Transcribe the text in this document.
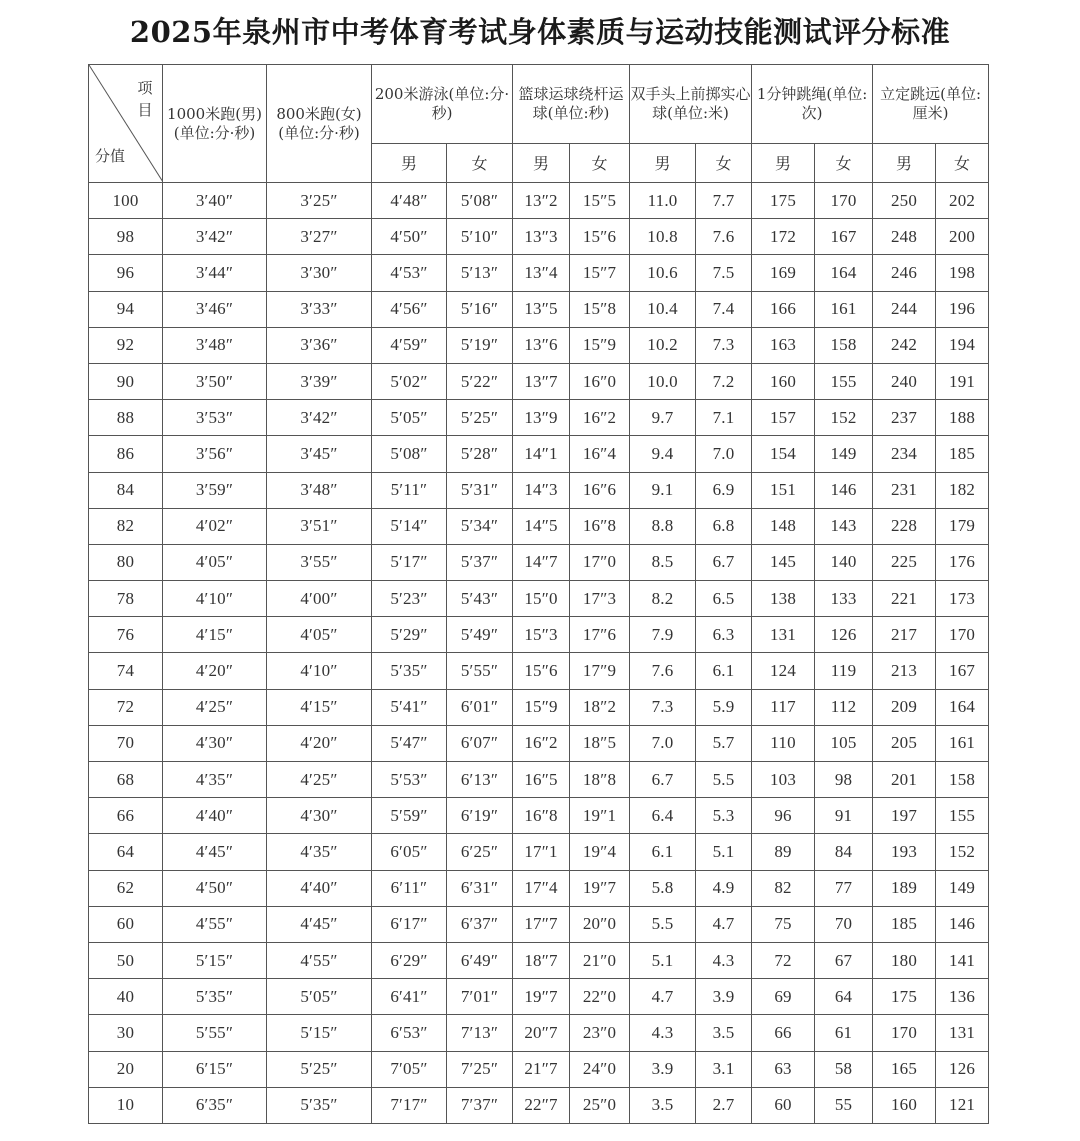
2025年泉州市中考体育考试身体素质与运动技能测试评分标准
项目
分值	1000米跑(男)(单位:分·秒)	800米跑(女)(单位:分·秒)	200米游泳(单位:分·秒)		篮球运球绕杆运球(单位:秒)		双手头上前掷实心球(单位:米)		1分钟跳绳(单位:次)		立定跳远(单位:厘米)	
			男	女	男	女	男	女	男	女	男	女
100	3′40″	3′25″	4′48″	5′08″	13″2	15″5	11.0	7.7	175	170	250	202
98	3′42″	3′27″	4′50″	5′10″	13″3	15″6	10.8	7.6	172	167	248	200
96	3′44″	3′30″	4′53″	5′13″	13″4	15″7	10.6	7.5	169	164	246	198
94	3′46″	3′33″	4′56″	5′16″	13″5	15″8	10.4	7.4	166	161	244	196
92	3′48″	3′36″	4′59″	5′19″	13″6	15″9	10.2	7.3	163	158	242	194
90	3′50″	3′39″	5′02″	5′22″	13″7	16″0	10.0	7.2	160	155	240	191
88	3′53″	3′42″	5′05″	5′25″	13″9	16″2	9.7	7.1	157	152	237	188
86	3′56″	3′45″	5′08″	5′28″	14″1	16″4	9.4	7.0	154	149	234	185
84	3′59″	3′48″	5′11″	5′31″	14″3	16″6	9.1	6.9	151	146	231	182
82	4′02″	3′51″	5′14″	5′34″	14″5	16″8	8.8	6.8	148	143	228	179
80	4′05″	3′55″	5′17″	5′37″	14″7	17″0	8.5	6.7	145	140	225	176
78	4′10″	4′00″	5′23″	5′43″	15″0	17″3	8.2	6.5	138	133	221	173
76	4′15″	4′05″	5′29″	5′49″	15″3	17″6	7.9	6.3	131	126	217	170
74	4′20″	4′10″	5′35″	5′55″	15″6	17″9	7.6	6.1	124	119	213	167
72	4′25″	4′15″	5′41″	6′01″	15″9	18″2	7.3	5.9	117	112	209	164
70	4′30″	4′20″	5′47″	6′07″	16″2	18″5	7.0	5.7	110	105	205	161
68	4′35″	4′25″	5′53″	6′13″	16″5	18″8	6.7	5.5	103	98	201	158
66	4′40″	4′30″	5′59″	6′19″	16″8	19″1	6.4	5.3	96	91	197	155
64	4′45″	4′35″	6′05″	6′25″	17″1	19″4	6.1	5.1	89	84	193	152
62	4′50″	4′40″	6′11″	6′31″	17″4	19″7	5.8	4.9	82	77	189	149
60	4′55″	4′45″	6′17″	6′37″	17″7	20″0	5.5	4.7	75	70	185	146
50	5′15″	4′55″	6′29″	6′49″	18″7	21″0	5.1	4.3	72	67	180	141
40	5′35″	5′05″	6′41″	7′01″	19″7	22″0	4.7	3.9	69	64	175	136
30	5′55″	5′15″	6′53″	7′13″	20″7	23″0	4.3	3.5	66	61	170	131
20	6′15″	5′25″	7′05″	7′25″	21″7	24″0	3.9	3.1	63	58	165	126
10	6′35″	5′35″	7′17″	7′37″	22″7	25″0	3.5	2.7	60	55	160	121
